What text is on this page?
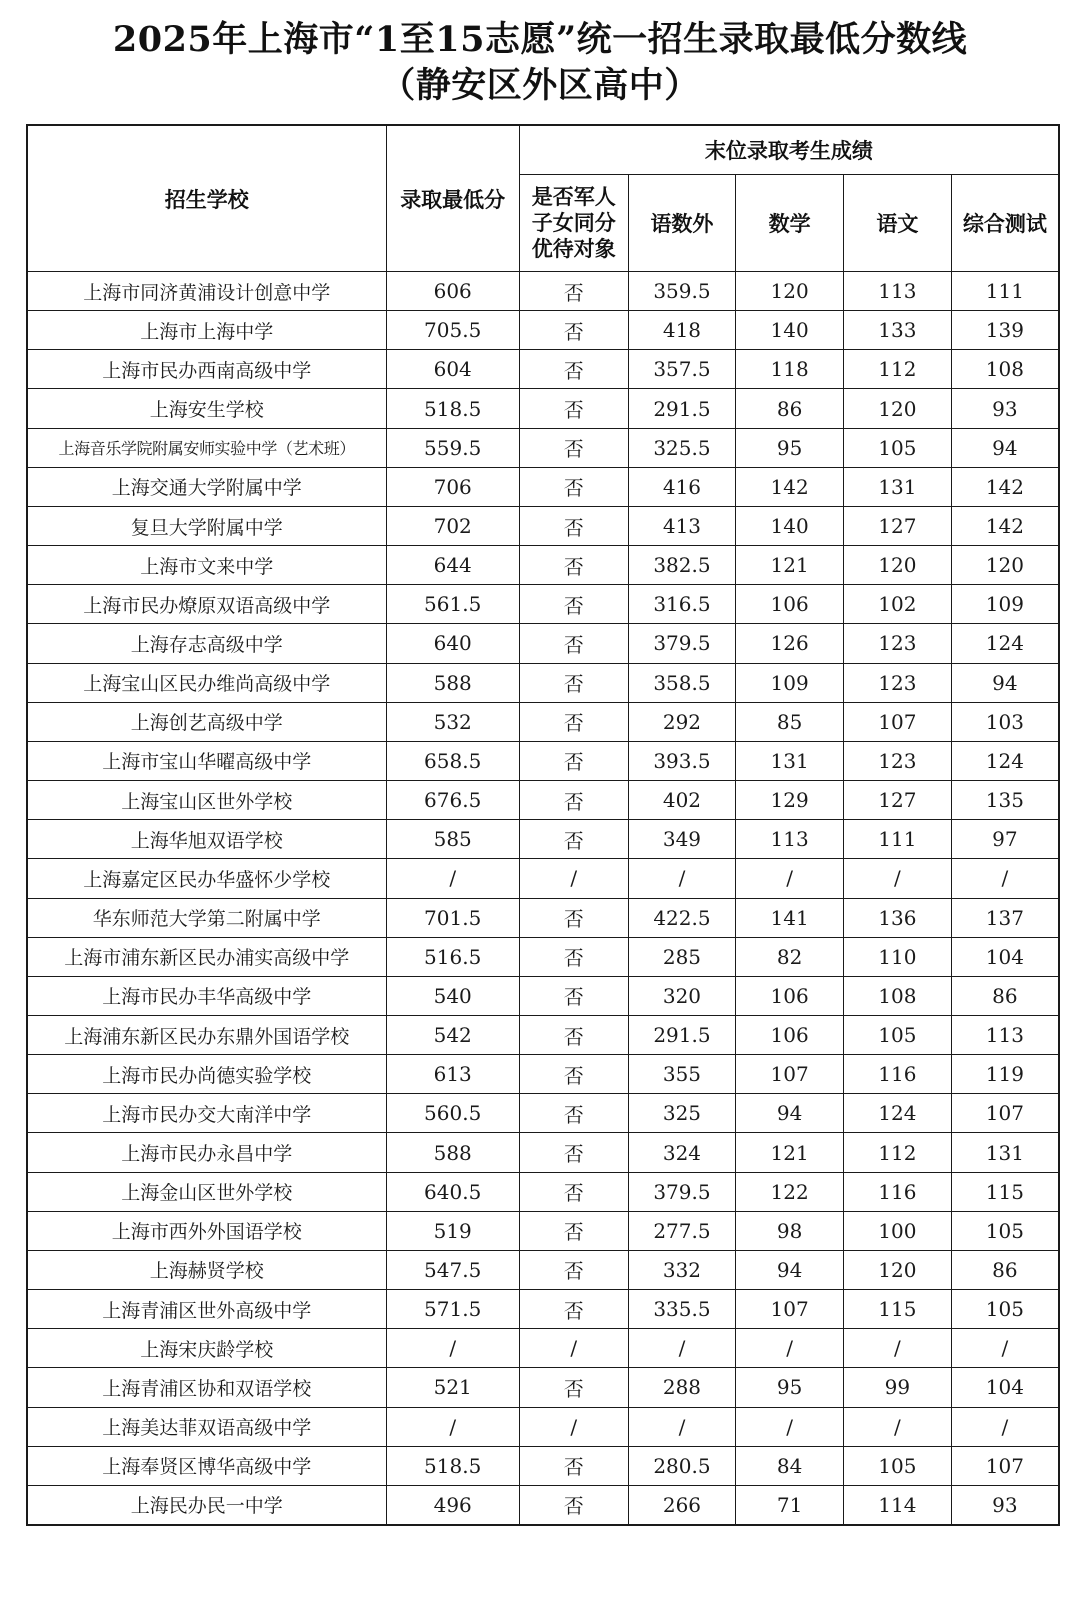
2025年上海市“1至15志愿”统一招生录取最低分数线
（静安区外区高中）
招生学校	录取最低分	末位录取考生成绩				
		是否军人子女同分优待对象	语数外	数学	语文	综合测试
上海市同济黄浦设计创意中学	606	否	359.5	120	113	111
上海市上海中学	705.5	否	418	140	133	139
上海市民办西南高级中学	604	否	357.5	118	112	108
上海安生学校	518.5	否	291.5	86	120	93
上海音乐学院附属安师实验中学（艺术班）	559.5	否	325.5	95	105	94
上海交通大学附属中学	706	否	416	142	131	142
复旦大学附属中学	702	否	413	140	127	142
上海市文来中学	644	否	382.5	121	120	120
上海市民办燎原双语高级中学	561.5	否	316.5	106	102	109
上海存志高级中学	640	否	379.5	126	123	124
上海宝山区民办维尚高级中学	588	否	358.5	109	123	94
上海创艺高级中学	532	否	292	85	107	103
上海市宝山华曜高级中学	658.5	否	393.5	131	123	124
上海宝山区世外学校	676.5	否	402	129	127	135
上海华旭双语学校	585	否	349	113	111	97
上海嘉定区民办华盛怀少学校	/	/	/	/	/	/
华东师范大学第二附属中学	701.5	否	422.5	141	136	137
上海市浦东新区民办浦实高级中学	516.5	否	285	82	110	104
上海市民办丰华高级中学	540	否	320	106	108	86
上海浦东新区民办东鼎外国语学校	542	否	291.5	106	105	113
上海市民办尚德实验学校	613	否	355	107	116	119
上海市民办交大南洋中学	560.5	否	325	94	124	107
上海市民办永昌中学	588	否	324	121	112	131
上海金山区世外学校	640.5	否	379.5	122	116	115
上海市西外外国语学校	519	否	277.5	98	100	105
上海赫贤学校	547.5	否	332	94	120	86
上海青浦区世外高级中学	571.5	否	335.5	107	115	105
上海宋庆龄学校	/	/	/	/	/	/
上海青浦区协和双语学校	521	否	288	95	99	104
上海美达菲双语高级中学	/	/	/	/	/	/
上海奉贤区博华高级中学	518.5	否	280.5	84	105	107
上海民办民一中学	496	否	266	71	114	93
